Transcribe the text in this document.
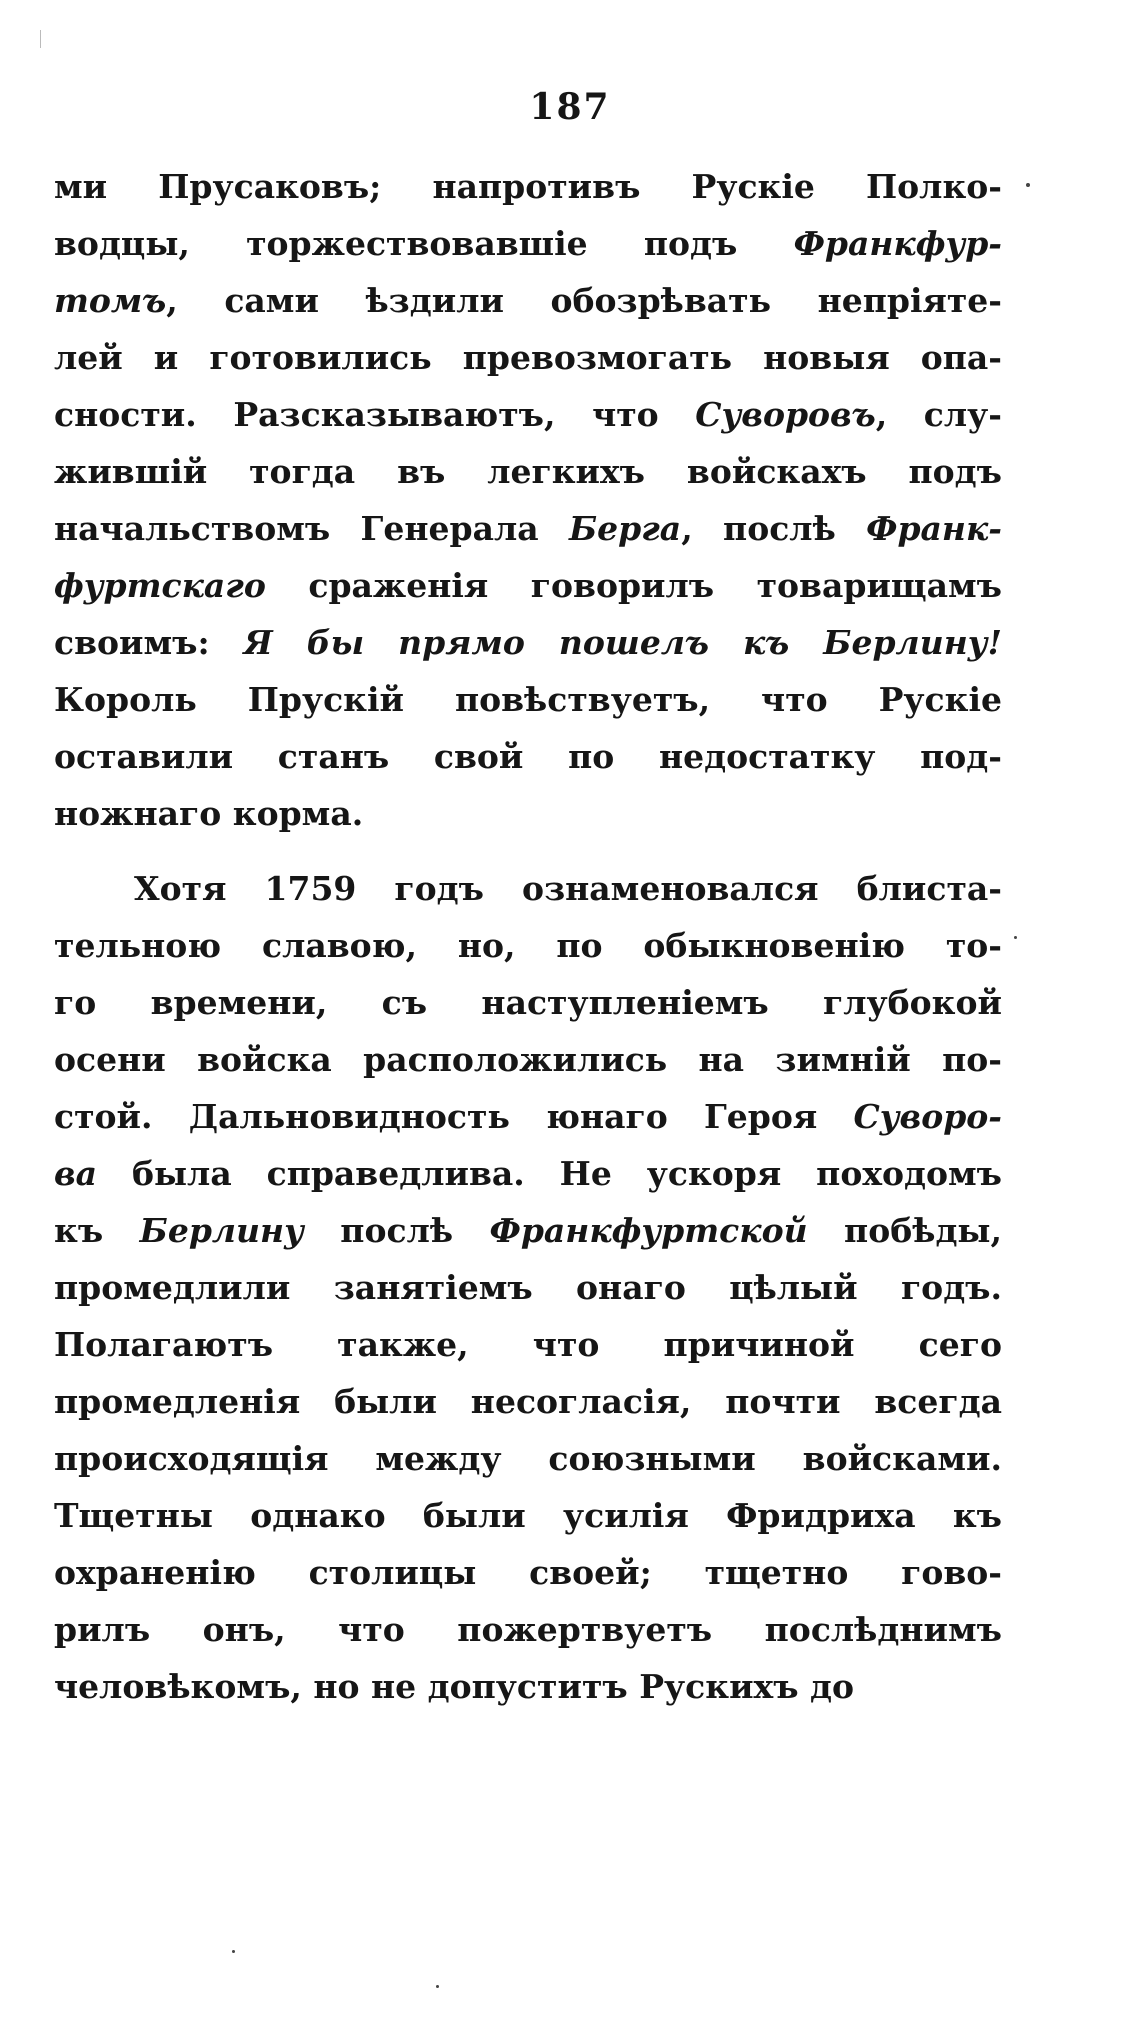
187
ми Прусаковъ; напротивъ Рускіе Полко-
водцы, торжествовавшіе подъ Франкфур-
томъ, сами ѣздили обозрѣвать непріяте-
лей и готовились превозмогать новыя опа-
сности. Разсказываютъ, что Суворовъ, слу-
жившій тогда въ легкихъ войскахъ подъ
начальствомъ Генерала Берга, послѣ Франк-
фуртскаго сраженія говорилъ товарищамъ
своимъ: Я бы прямо пошелъ къ Берлину!
Король Прускій повѣствуетъ, что Рускіе
оставили станъ свой по недостатку под-
ножнаго корма.
Хотя 1759 годъ ознаменовался блиста-
тельною славою, но, по обыкновенію то-
го времени, съ наступленіемъ глубокой
осени войска расположились на зимній по-
стой. Дальновидность юнаго Героя Суворо-
ва была справедлива. Не ускоря походомъ
къ Берлину послѣ Франкфуртской побѣды,
промедлили занятіемъ онаго цѣлый годъ.
Полагаютъ также, что причиной сего
промедленія были несогласія, почти всегда
происходящія между союзными войсками.
Тщетны однако были усилія Фридриха къ
охраненію столицы своей; тщетно гово-
рилъ онъ, что пожертвуетъ послѣднимъ
человѣкомъ, но не допуститъ Рускихъ до
